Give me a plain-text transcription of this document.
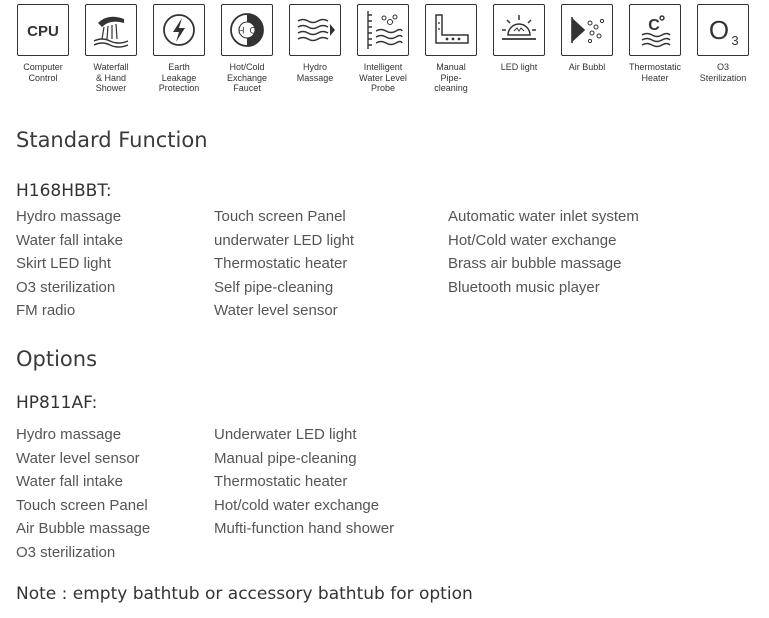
CPU
Computer
Control
Waterfall
& Hand
Shower
Earth
Leakage
Protection
H  C
Hot/Cold
Exchange
Faucet
Hydro
Massage
Intelligent
Water Level
Probe
Manual
Pipe-
cleaning
LED light	Air Bubbl
C
Thermostatic
Heater
O 3
O3
Sterilization
Standard Function
H168HBBT:
Hydro massage
Water fall intake
Skirt LED light
O3 sterilization
FM radio
Touch screen Panel
underwater LED light
Thermostatic heater
Self pipe-cleaning
Water level sensor
Automatic water inlet system
Hot/Cold water exchange
Brass air bubble massage
Bluetooth music player
Options
HP811AF:
Hydro massage
Water level sensor
Water fall intake
Touch screen Panel
Air Bubble massage
O3 sterilization
Underwater LED light
Manual pipe-cleaning
Thermostatic heater
Hot/cold water exchange
Mufti-function hand shower
Note : empty bathtub or accessory bathtub for option
